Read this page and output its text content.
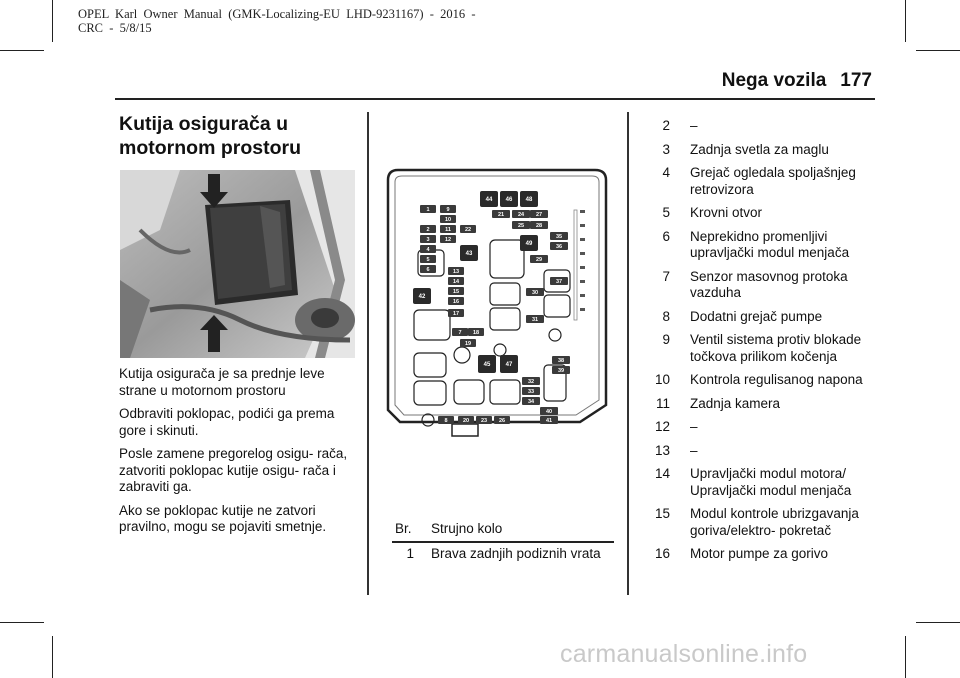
OPEL  Karl  Owner  Manual  (GMK-Localizing-EU  LHD-9231167)  -  2016  -
CRC  -  5/8/15
Nega vozila 177
Kutija osigurača u
motornom prostoru

Kutija osigurača je sa prednje leve strane u motornom prostoru

Odbraviti poklopac, podići ga prema gore i skinuti.

Posle zamene pregorelog osigu- rača, zatvoriti poklopac kutije osigu- rača i zabraviti ga.

Ako se poklopac kutije ne zatvori pravilno, mogu se pojaviti smetnje.

1	9
10
2	11	22
3	12
4
5
6	13
14
15
16
17
7 18
19
8	20 23 26
21	24 27
25 28
29
30
31
35
36
37
38
39
32
33
34
40
41
44 46 48
49
43
42
45	47
Br. Strujno kolo
1 Brava zadnjih podiznih vrata
2 –
3 Zadnja svetla za maglu
4 Grejač ogledala spoljašnjeg retrovizora
5 Krovni otvor
6 Neprekidno promenljivi upravljački modul menjača
7 Senzor masovnog protoka vazduha
8 Dodatni grejač pumpe
9 Ventil sistema protiv blokade točkova prilikom kočenja
10 Kontrola regulisanog napona
11 Zadnja kamera
12 –
13 –
14 Upravljački modul motora/ Upravljački modul menjača
15 Modul kontrole ubrizgavanja goriva/elektro- pokretač
16 Motor pumpe za gorivo
carmanualsonline.info
